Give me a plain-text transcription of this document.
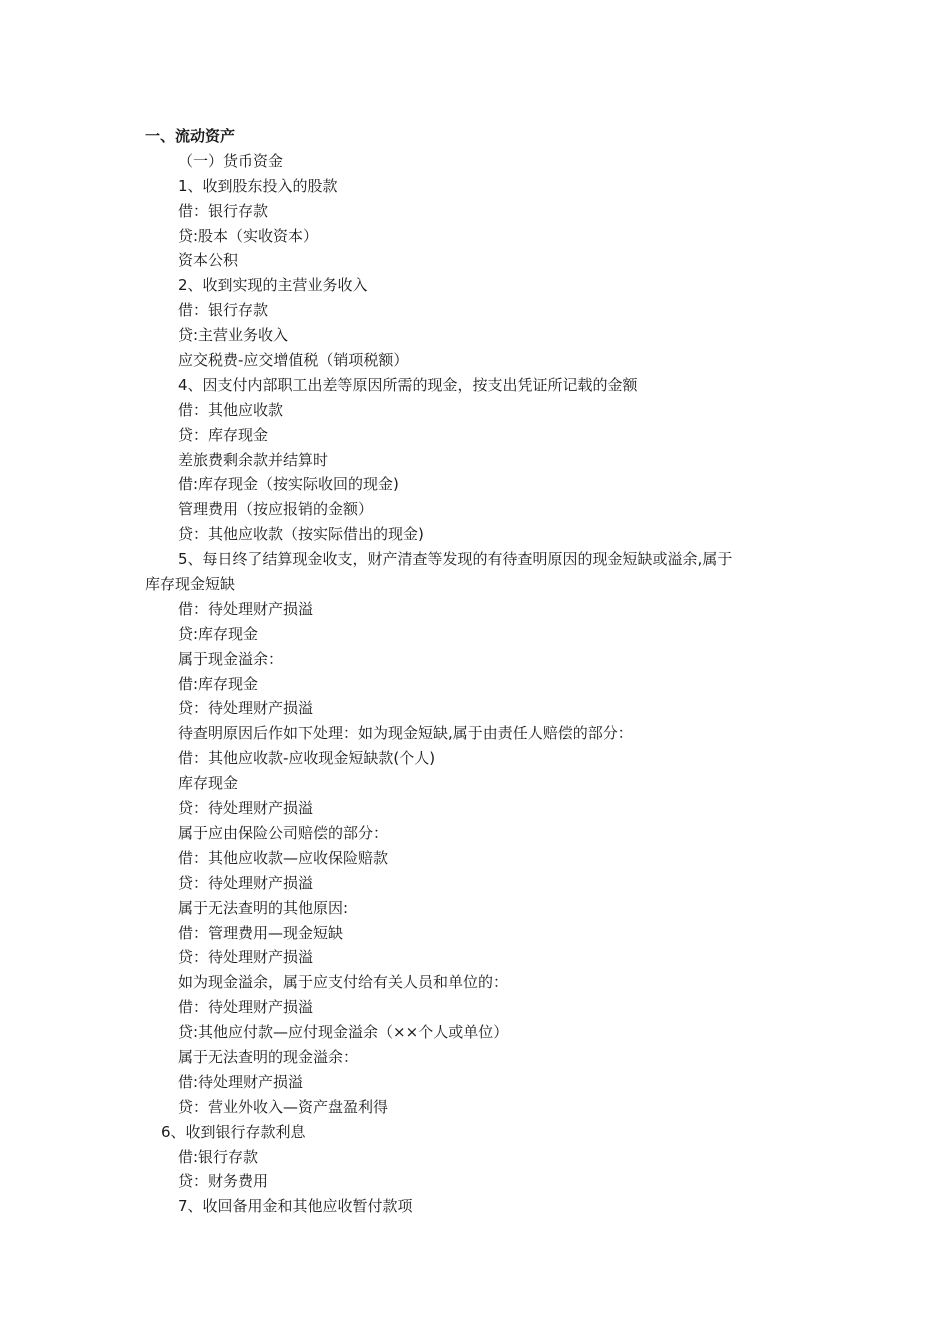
一、流动资产
（一）货币资金
1、收到股东投入的股款
借：银行存款
贷:股本（实收资本）
资本公积
2、收到实现的主营业务收入
借：银行存款
贷:主营业务收入
应交税费-应交增值税（销项税额）
4、因支付内部职工出差等原因所需的现金，按支出凭证所记载的金额
借：其他应收款
贷：库存现金
差旅费剩余款并结算时
借:库存现金（按实际收回的现金)
管理费用（按应报销的金额）
贷：其他应收款（按实际借出的现金)
5、每日终了结算现金收支，财产清查等发现的有待查明原因的现金短缺或溢余,属于
库存现金短缺
借：待处理财产损溢
贷:库存现金
属于现金溢余：
借:库存现金
贷：待处理财产损溢
待查明原因后作如下处理：如为现金短缺,属于由责任人赔偿的部分：
借：其他应收款-应收现金短缺款(个人)
库存现金
贷：待处理财产损溢
属于应由保险公司赔偿的部分：
借：其他应收款—应收保险赔款
贷：待处理财产损溢
属于无法查明的其他原因:
借：管理费用—现金短缺
贷：待处理财产损溢
如为现金溢余，属于应支付给有关人员和单位的：
借：待处理财产损溢
贷:其他应付款—应付现金溢余（××个人或单位）
属于无法查明的现金溢余：
借:待处理财产损溢
贷：营业外收入—资产盘盈利得
6、收到银行存款利息
借:银行存款
贷：财务费用
7、收回备用金和其他应收暂付款项
